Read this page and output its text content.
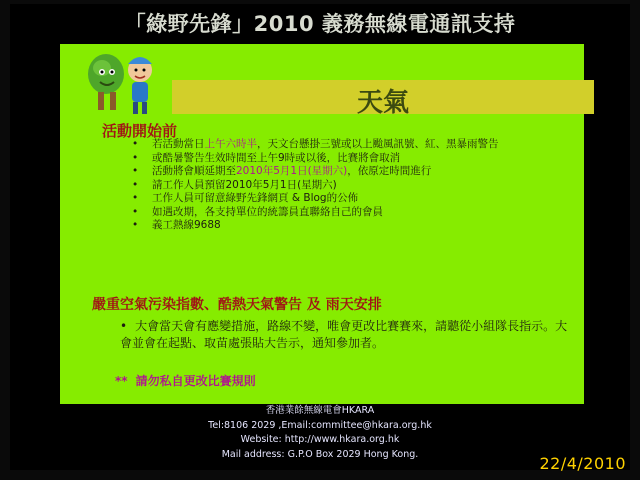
「綠野先鋒」2010 義務無線電通訊支持
天氣
活動開始前
•	若活動當日上午六時半，天文台懸掛三號或以上颱風訊號、紅、黑暴雨警告
•	或酷暑警告生效時間至上午9時或以後，比賽將會取消
•	活動將會順延期至2010年5月1日(星期六)，依原定時間進行
•	請工作人員預留2010年5月1日(星期六)
•	工作人員可留意綠野先鋒網頁 & Blog的公佈
•	如遇改期，各支持單位的統籌員直聯絡自己的會員
•	義工熱線9688
嚴重空氣污染指數、酷熱天氣警告 及 雨天安排
• 大會當天會有應變措施，路線不變，唯會更改比賽賽來，請聽從小組隊長指示。大會並會在起點、取苗處張貼大告示，通知參加者。
** 請勿私自更改比賽規則
香港業餘無線電會HKARA
Tel:8106 2029 ,Email:committee@hkara.org.hk
Website: http://www.hkara.org.hk
Mail address: G.P.O Box 2029 Hong Kong.	22/4/2010
